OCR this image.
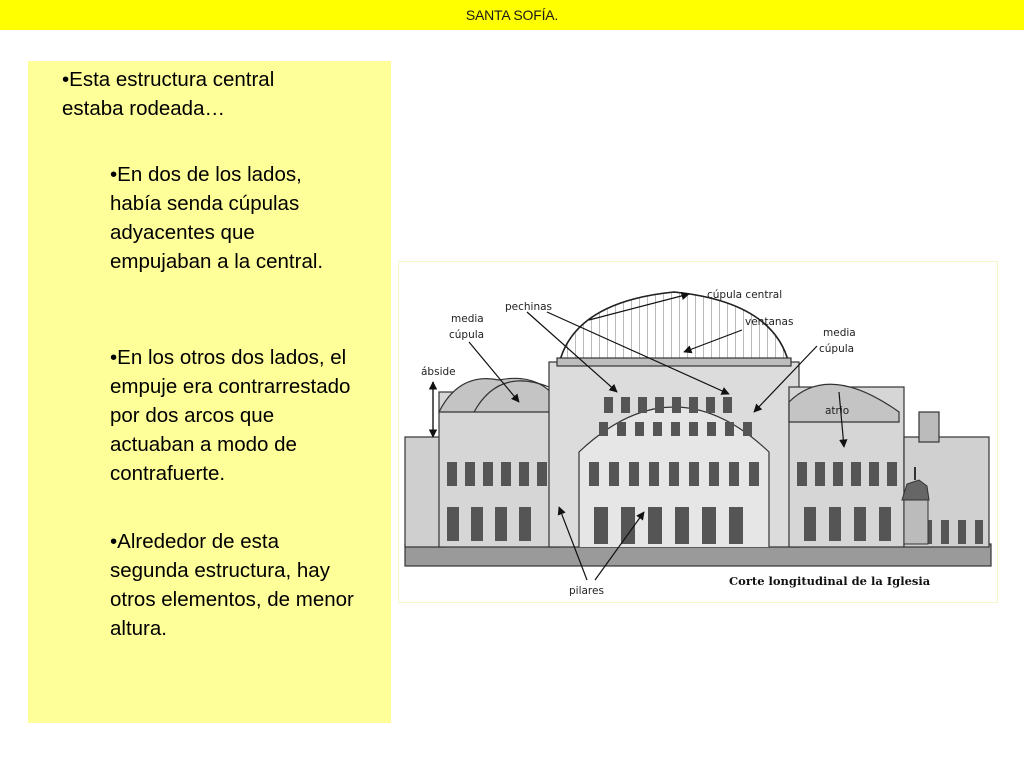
SANTA SOFÍA.
•Esta estructura central estaba rodeada…
•En dos de los lados, había senda cúpulas adyacentes que empujaban a la central.
•En los otros dos lados, el empuje era contrarrestado por dos arcos que actuaban a modo de contrafuerte.
•Alrededor de esta segunda estructura, hay otros elementos, de menor altura.
pechinas
cúpula central
media
cúpula
ventanas
media
cúpula
ábside
atrio
pilares
Corte longitudinal de la Iglesia
